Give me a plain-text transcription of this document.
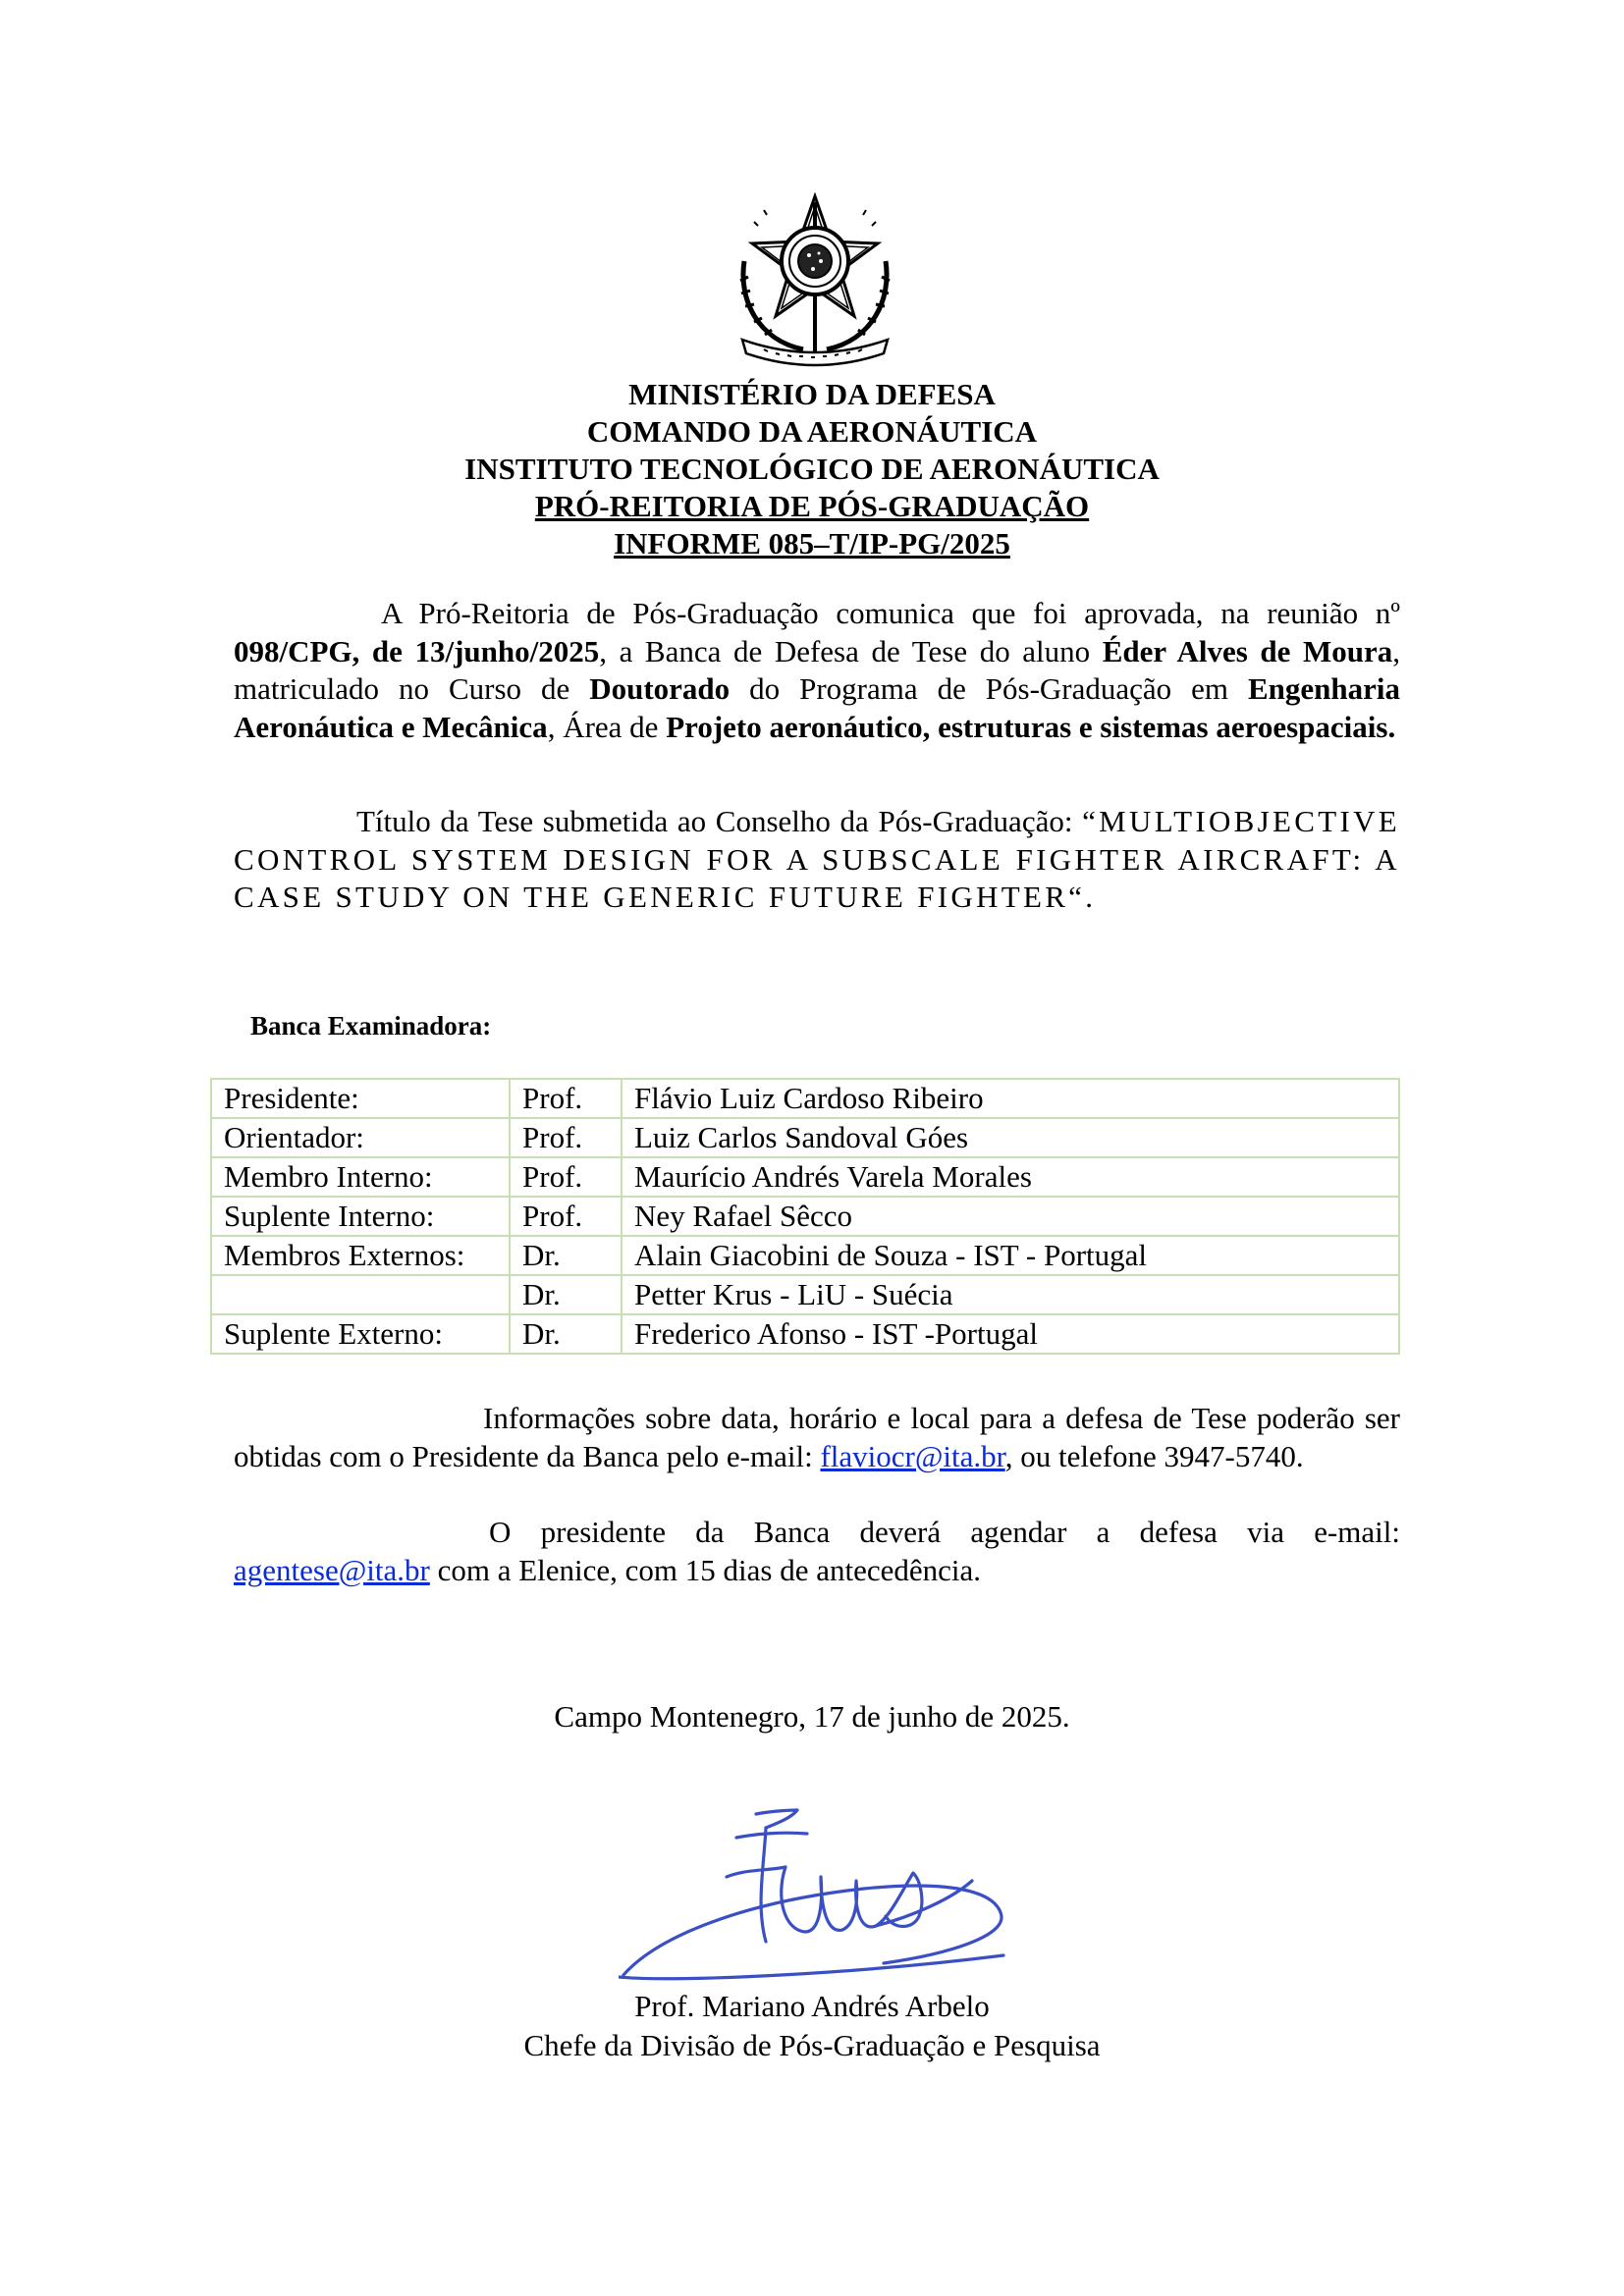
MINISTÉRIO DA DEFESA
COMANDO DA AERONÁUTICA
INSTITUTO TECNOLÓGICO DE AERONÁUTICA
PRÓ-REITORIA DE PÓS-GRADUAÇÃO
INFORME 085–T/IP-PG/2025
A Pró-Reitoria de Pós-Graduação comunica que foi aprovada, na reunião nº 098/CPG, de 13/junho/2025, a Banca de Defesa de Tese do aluno Éder Alves de Moura, matriculado no Curso de Doutorado do Programa de Pós-Graduação em Engenharia Aeronáutica e Mecânica, Área de Projeto aeronáutico, estruturas e sistemas aeroespaciais.
Título da Tese submetida ao Conselho da Pós-Graduação: “MULTIOBJECTIVE CONTROL SYSTEM DESIGN FOR A SUBSCALE FIGHTER AIRCRAFT: A CASE STUDY ON THE GENERIC FUTURE FIGHTER“.
Banca Examinadora:
Presidente:	Prof.	Flávio Luiz Cardoso Ribeiro
Orientador:	Prof.	Luiz Carlos Sandoval Góes
Membro Interno:	Prof.	Maurício Andrés Varela Morales
Suplente Interno:	Prof.	Ney Rafael Sêcco
Membros Externos:	Dr.	Alain Giacobini de Souza - IST - Portugal
	Dr.	Petter Krus - LiU - Suécia
Suplente Externo:	Dr.	Frederico Afonso - IST -Portugal
Informações sobre data, horário e local para a defesa de Tese poderão ser obtidas com o Presidente da Banca pelo e-mail: flaviocr@ita.br, ou telefone 3947-5740.
O presidente da Banca deverá agendar a defesa via e-mail: agentese@ita.br com a Elenice, com 15 dias de antecedência.
Campo Montenegro, 17 de junho de 2025.
Prof. Mariano Andrés Arbelo
Chefe da Divisão de Pós-Graduação e Pesquisa
